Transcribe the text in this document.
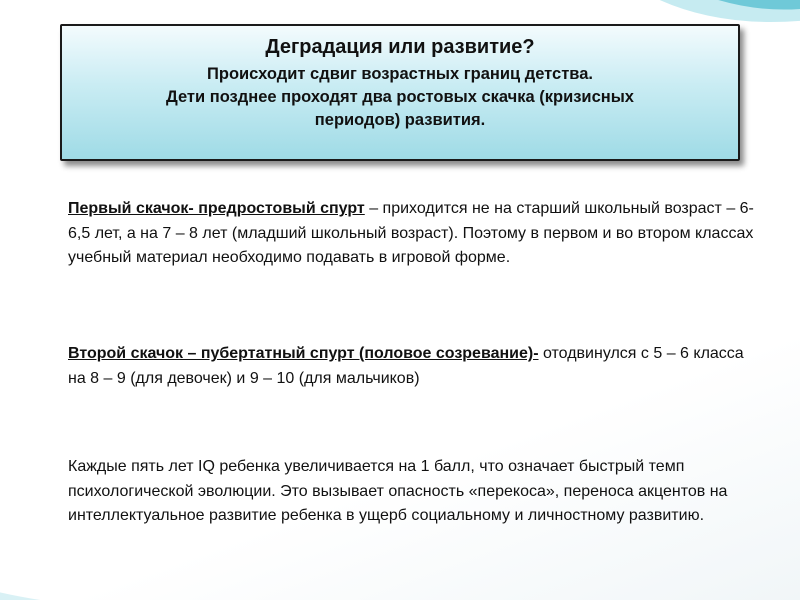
Деградация или развитие?
Происходит сдвиг возрастных границ детства.
Дети позднее проходят два ростовых скачка (кризисных
периодов) развития.
Первый скачок- предростовый спурт – приходится не на старший школьный возраст – 6-6,5 лет, а на 7 – 8 лет (младший школьный возраст). Поэтому в первом и во втором классах учебный материал необходимо подавать в игровой форме.
Второй скачок – пубертатный спурт (половое созревание)- отодвинулся с 5 – 6 класса на 8 – 9 (для девочек) и 9 – 10 (для мальчиков)
Каждые пять лет IQ ребенка увеличивается на 1 балл, что означает быстрый темп психологической эволюции. Это вызывает опасность «перекоса», переноса акцентов на интеллектуальное развитие ребенка в ущерб социальному и личностному развитию.
